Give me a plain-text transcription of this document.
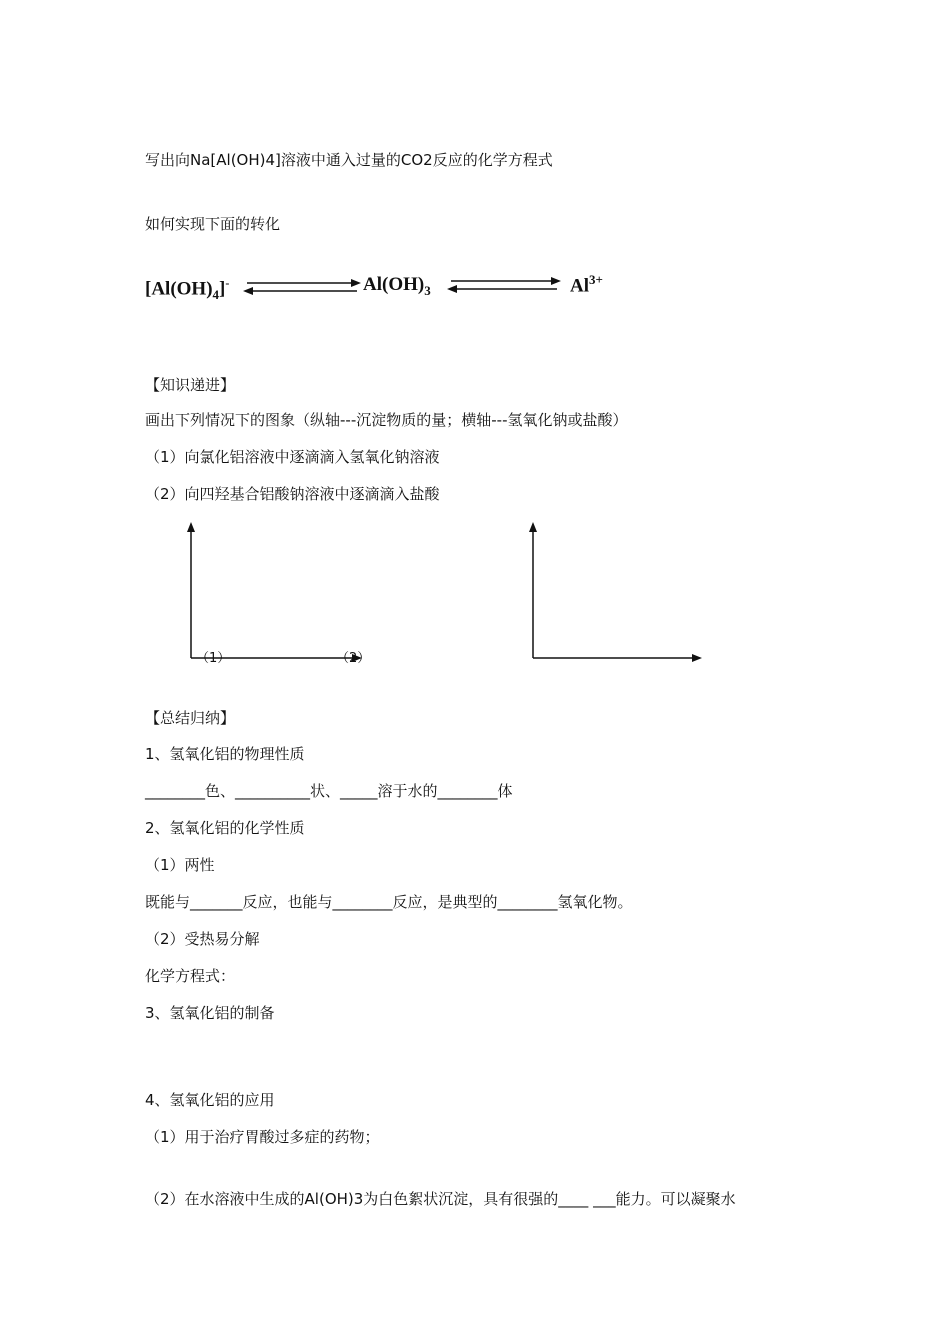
写出向Na[Al(OH)4]溶液中通入过量的CO2反应的化学方程式
如何实现下面的转化
$[Al(OH)_4]^-$	$Al(OH)_3$	$Al^{3+}$
【知识递进】
画出下列情况下的图象（纵轴---沉淀物质的量；横轴---氢氧化钠或盐酸）
（1）向氯化铝溶液中逐滴滴入氢氧化钠溶液
（2）向四羟基合铝酸钠溶液中逐滴滴入盐酸
（1）	（2）
【总结归纳】
1、氢氧化铝的物理性质
________色、__________状、_____溶于水的________体
2、氢氧化铝的化学性质
（1）两性
既能与_______反应，也能与________反应，是典型的________氢氧化物。
（2）受热易分解
化学方程式：
3、氢氧化铝的制备
4、氢氧化铝的应用
（1）用于治疗胃酸过多症的药物；
（2）在水溶液中生成的Al(OH)3为白色絮状沉淀，具有很强的____ ___能力。可以凝聚水
